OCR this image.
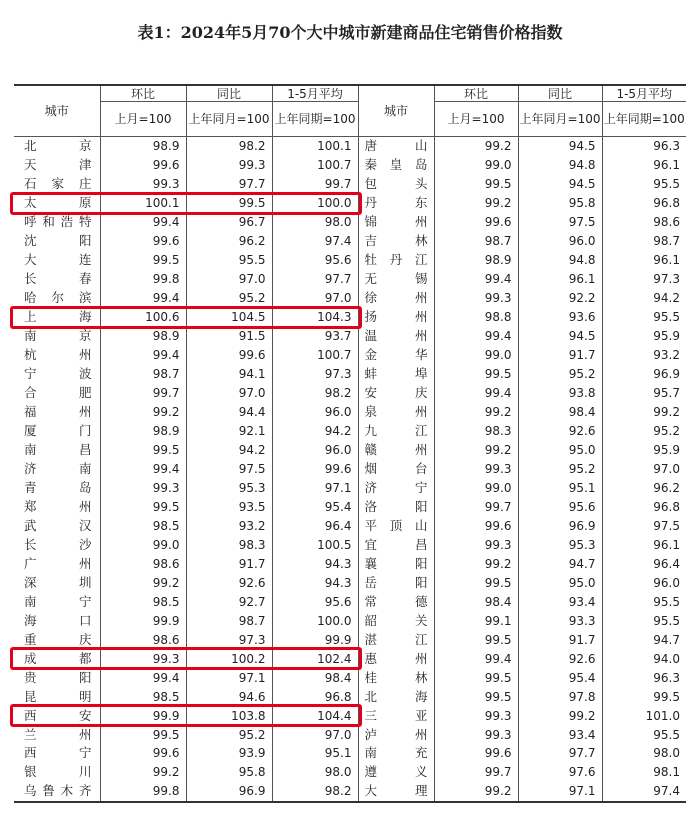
表1：2024年5月70个大中城市新建商品住宅销售价格指数
城市	环比	同比	1-5月平均	城市	环比	同比	1-5月平均
	上月=100	上年同月=100	上年同期=100		上月=100	上年同月=100	上年同期=100
北京	98.9	98.2	100.1	唐山	99.2	94.5	96.3
天津	99.6	99.3	100.7	秦皇岛	99.0	94.8	96.1
石家庄	99.3	97.7	99.7	包头	99.5	94.5	95.5
太原	100.1	99.5	100.0	丹东	99.2	95.8	96.8
呼和浩特	99.4	96.7	98.0	锦州	99.6	97.5	98.6
沈阳	99.6	96.2	97.4	吉林	98.7	96.0	98.7
大连	99.5	95.5	95.6	牡丹江	98.9	94.8	96.1
长春	99.8	97.0	97.7	无锡	99.4	96.1	97.3
哈尔滨	99.4	95.2	97.0	徐州	99.3	92.2	94.2
上海	100.6	104.5	104.3	扬州	98.8	93.6	95.5
南京	98.9	91.5	93.7	温州	99.4	94.5	95.9
杭州	99.4	99.6	100.7	金华	99.0	91.7	93.2
宁波	98.7	94.1	97.3	蚌埠	99.5	95.2	96.9
合肥	99.7	97.0	98.2	安庆	99.4	93.8	95.7
福州	99.2	94.4	96.0	泉州	99.2	98.4	99.2
厦门	98.9	92.1	94.2	九江	98.3	92.6	95.2
南昌	99.5	94.2	96.0	赣州	99.2	95.0	95.9
济南	99.4	97.5	99.6	烟台	99.3	95.2	97.0
青岛	99.3	95.3	97.1	济宁	99.0	95.1	96.2
郑州	99.5	93.5	95.4	洛阳	99.7	95.6	96.8
武汉	98.5	93.2	96.4	平顶山	99.6	96.9	97.5
长沙	99.0	98.3	100.5	宜昌	99.3	95.3	96.1
广州	98.6	91.7	94.3	襄阳	99.2	94.7	96.4
深圳	99.2	92.6	94.3	岳阳	99.5	95.0	96.0
南宁	98.5	92.7	95.6	常德	98.4	93.4	95.5
海口	99.9	98.7	100.0	韶关	99.1	93.3	95.5
重庆	98.6	97.3	99.9	湛江	99.5	91.7	94.7
成都	99.3	100.2	102.4	惠州	99.4	92.6	94.0
贵阳	99.4	97.1	98.4	桂林	99.5	95.4	96.3
昆明	98.5	94.6	96.8	北海	99.5	97.8	99.5
西安	99.9	103.8	104.4	三亚	99.3	99.2	101.0
兰州	99.5	95.2	97.0	泸州	99.3	93.4	95.5
西宁	99.6	93.9	95.1	南充	99.6	97.7	98.0
银川	99.2	95.8	98.0	遵义	99.7	97.6	98.1
乌鲁木齐	99.8	96.9	98.2	大理	99.2	97.1	97.4
